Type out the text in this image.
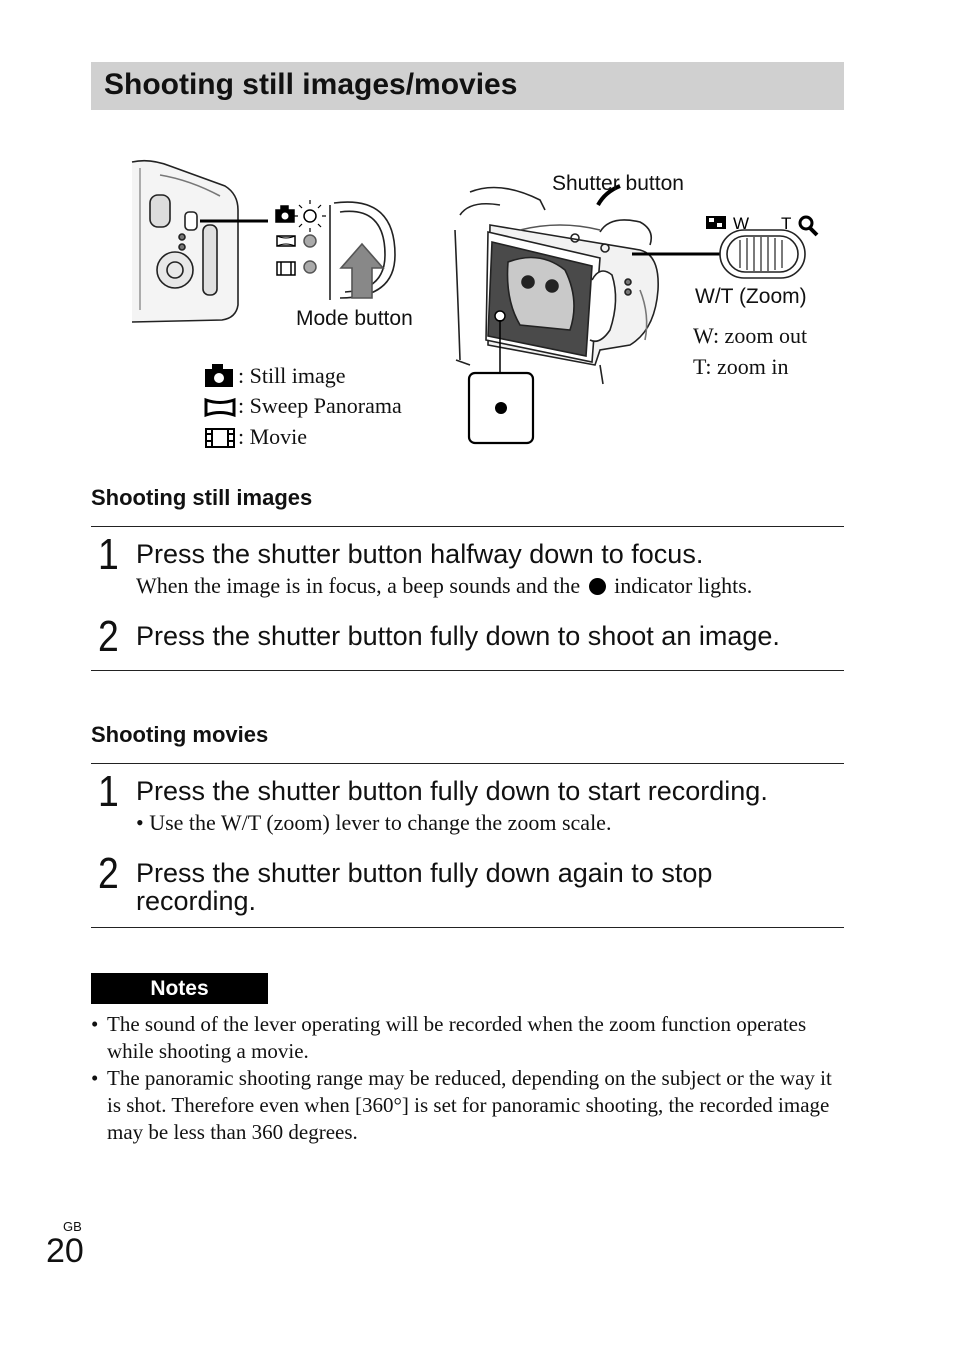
Shooting still images/movies
W T
Mode button
Shutter button
W/T (Zoom)
W: zoom out
T: zoom in
: Still image
: Sweep Panorama
: Movie
Shooting still images
1 Press the shutter button halfway down to focus.
When the image is in focus, a beep sounds and the indicator lights.
2 Press the shutter button fully down to shoot an image.
Shooting movies
1 Press the shutter button fully down to start recording.
• Use the W/T (zoom) lever to change the zoom scale.
2 Press the shutter button fully down again to stop recording.
Notes
• The sound of the lever operating will be recorded when the zoom function operates while shooting a movie.
• The panoramic shooting range may be reduced, depending on the subject or the way it is shot. Therefore even when [360°] is set for panoramic shooting, the recorded image may be less than 360 degrees.
GB
20
